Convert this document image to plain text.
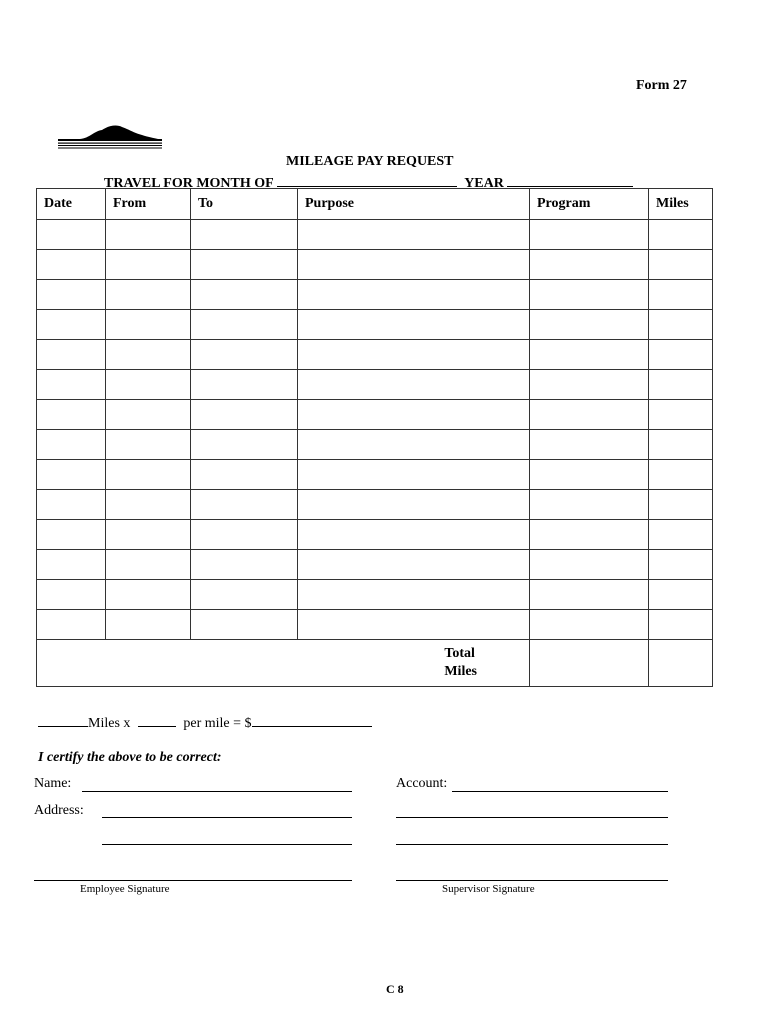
Form 27
MILEAGE PAY REQUEST
TRAVEL FOR MONTH OF	YEAR
Date	From	To	Purpose	Program	Miles

Total
Miles					

Miles x	per mile = $
I certify the above to be correct:
Name:	Account:
Address:
Employee Signature	Supervisor Signature
C 8
